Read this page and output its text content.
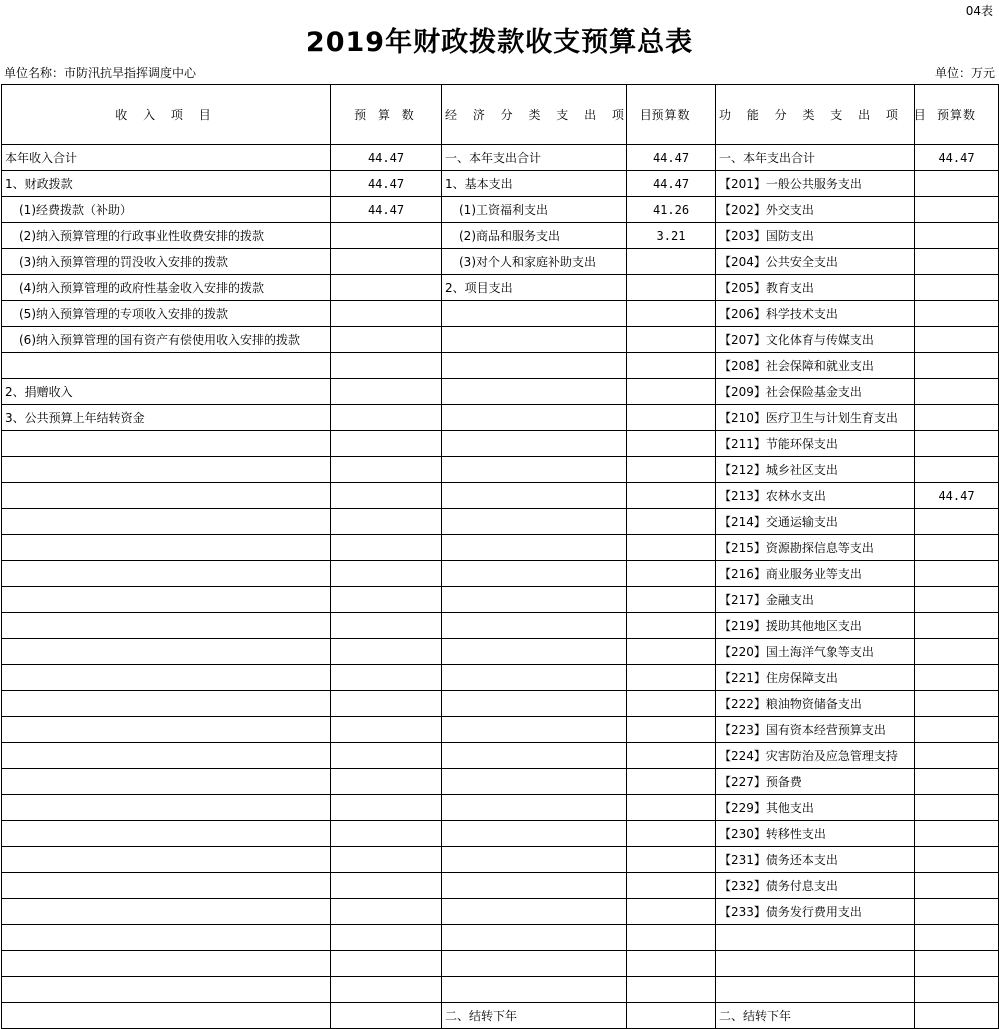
04表
2019年财政拨款收支预算总表
单位名称：市防汛抗旱指挥调度中心	单位：万元
收 入 项 目	预 算 数	经 济 分 类 支 出 项 目	预算数	功 能 分 类 支 出 项 目	预算数
本年收入合计	44.47	一、本年支出合计	44.47	一、本年支出合计	44.47
1、财政拨款	44.47	1、基本支出	44.47	【201】一般公共服务支出	
(1)经费拨款（补助）	44.47	(1)工资福利支出	41.26	【202】外交支出	
(2)纳入预算管理的行政事业性收费安排的拨款		(2)商品和服务支出	3.21	【203】国防支出	
(3)纳入预算管理的罚没收入安排的拨款		(3)对个人和家庭补助支出		【204】公共安全支出	
(4)纳入预算管理的政府性基金收入安排的拨款		2、项目支出		【205】教育支出	
(5)纳入预算管理的专项收入安排的拨款				【206】科学技术支出	
(6)纳入预算管理的国有资产有偿使用收入安排的拨款				【207】文化体育与传媒支出	
				【208】社会保障和就业支出	
2、捐赠收入				【209】社会保险基金支出	
3、公共预算上年结转资金				【210】医疗卫生与计划生育支出	
				【211】节能环保支出	
				【212】城乡社区支出	
				【213】农林水支出	44.47
				【214】交通运输支出	
				【215】资源勘探信息等支出	
				【216】商业服务业等支出	
				【217】金融支出	
				【219】援助其他地区支出	
				【220】国土海洋气象等支出	
				【221】住房保障支出	
				【222】粮油物资储备支出	
				【223】国有资本经营预算支出	
				【224】灾害防治及应急管理支持	
				【227】预备费	
				【229】其他支出	
				【230】转移性支出	
				【231】债务还本支出	
				【232】债务付息支出	
				【233】债务发行费用支出	

		二、结转下年		二、结转下年	
